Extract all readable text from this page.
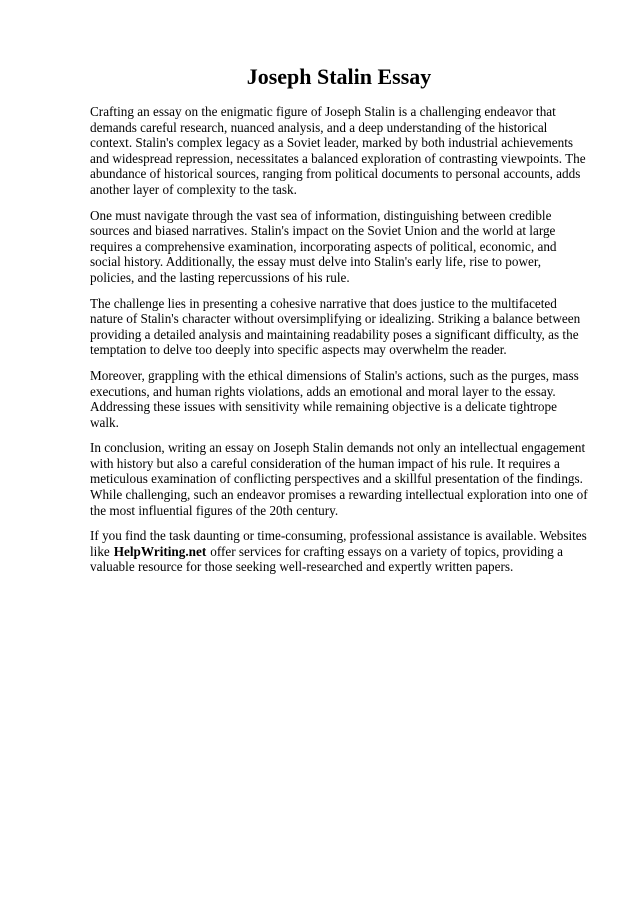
Joseph Stalin Essay

Crafting an essay on the enigmatic figure of Joseph Stalin is a challenging endeavor that demands careful research, nuanced analysis, and a deep understanding of the historical context. Stalin's complex legacy as a Soviet leader, marked by both industrial achievements and widespread repression, necessitates a balanced exploration of contrasting viewpoints. The abundance of historical sources, ranging from political documents to personal accounts, adds another layer of complexity to the task.

One must navigate through the vast sea of information, distinguishing between credible sources and biased narratives. Stalin's impact on the Soviet Union and the world at large requires a comprehensive examination, incorporating aspects of political, economic, and social history. Additionally, the essay must delve into Stalin's early life, rise to power, policies, and the lasting repercussions of his rule.

The challenge lies in presenting a cohesive narrative that does justice to the multifaceted nature of Stalin's character without oversimplifying or idealizing. Striking a balance between providing a detailed analysis and maintaining readability poses a significant difficulty, as the temptation to delve too deeply into specific aspects may overwhelm the reader.

Moreover, grappling with the ethical dimensions of Stalin's actions, such as the purges, mass executions, and human rights violations, adds an emotional and moral layer to the essay. Addressing these issues with sensitivity while remaining objective is a delicate tightrope walk.

In conclusion, writing an essay on Joseph Stalin demands not only an intellectual engagement with history but also a careful consideration of the human impact of his rule. It requires a meticulous examination of conflicting perspectives and a skillful presentation of the findings. While challenging, such an endeavor promises a rewarding intellectual exploration into one of the most influential figures of the 20th century.

If you find the task daunting or time-consuming, professional assistance is available. Websites like HelpWriting.net offer services for crafting essays on a variety of topics, providing a valuable resource for those seeking well-researched and expertly written papers.
